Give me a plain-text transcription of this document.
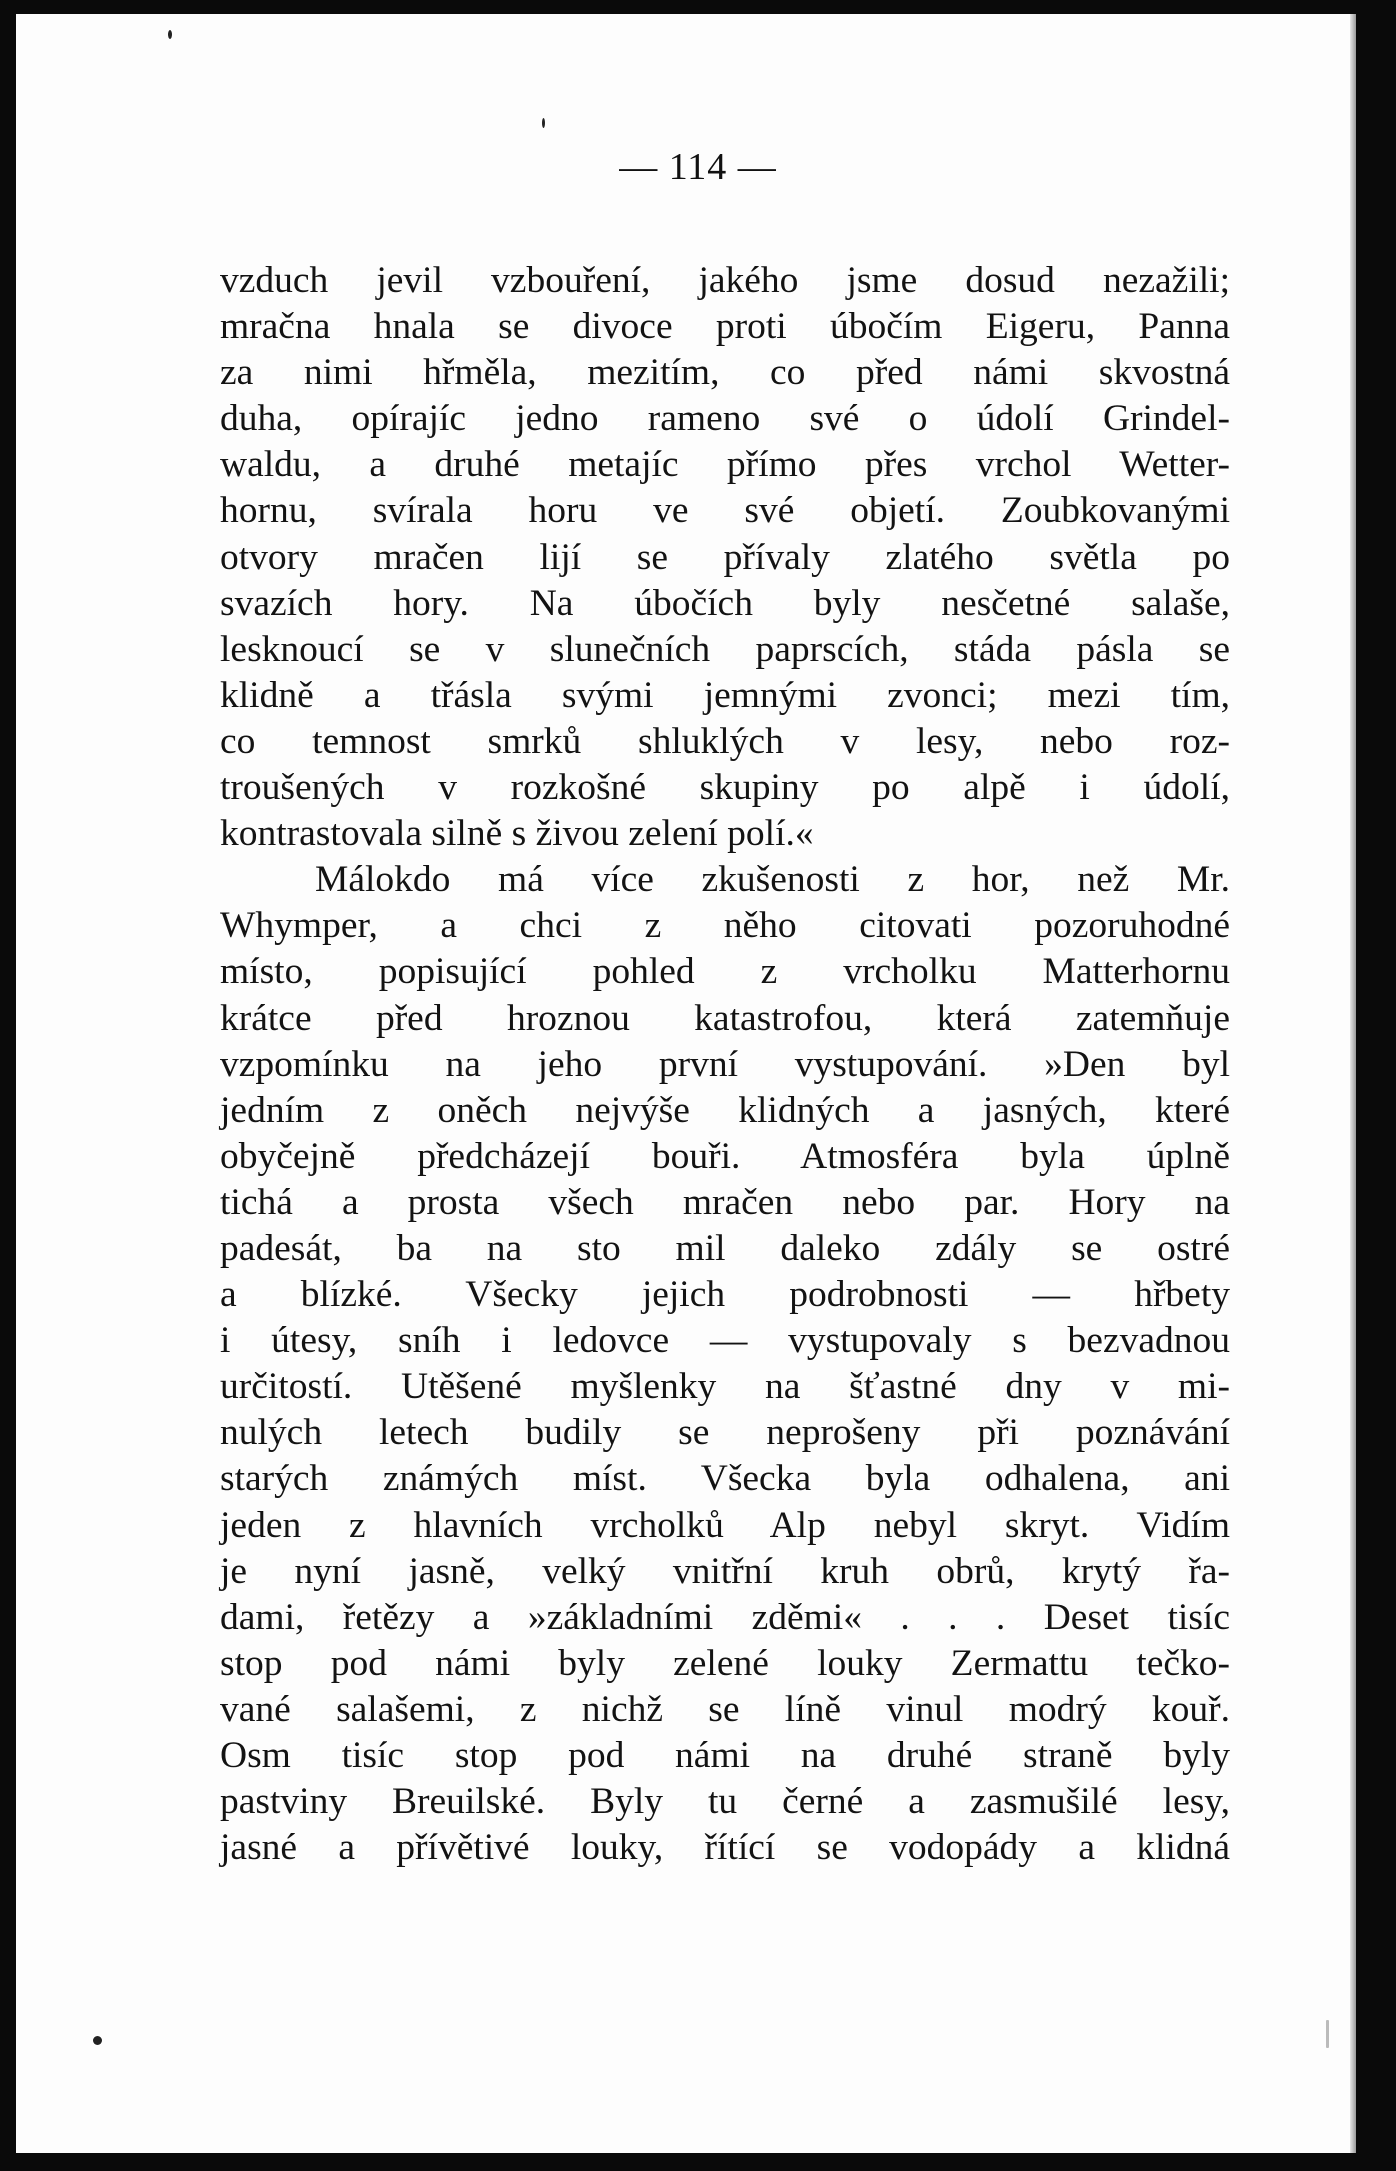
— 114 —
vzduch jevil vzbouření, jakého jsme dosud nezažili;
mračna hnala se divoce proti úbočím Eigeru, Panna
za nimi hřměla, mezitím, co před námi skvostná
duha, opírajíc jedno rameno své o údolí Grindel-
waldu, a druhé metajíc přímo přes vrchol Wetter-
hornu, svírala horu ve své objetí. Zoubkovanými
otvory mračen lijí se přívaly zlatého světla po
svazích hory. Na úbočích byly nesčetné salaše,
lesknoucí se v slunečních paprscích, stáda pásla se
klidně a třásla svými jemnými zvonci; mezi tím,
co temnost smrků shluklých v lesy, nebo roz-
troušených v rozkošné skupiny po alpě i údolí,
kontrastovala silně s živou zelení polí.«
Málokdo má více zkušenosti z hor, než Mr.
Whymper, a chci z něho citovati pozoruhodné
místo, popisující pohled z vrcholku Matterhornu
krátce před hroznou katastrofou, která zatemňuje
vzpomínku na jeho první vystupování. »Den byl
jedním z oněch nejvýše klidných a jasných, které
obyčejně předcházejí bouři. Atmosféra byla úplně
tichá a prosta všech mračen nebo par. Hory na
padesát, ba na sto mil daleko zdály se ostré
a blízké. Všecky jejich podrobnosti — hřbety
i útesy, sníh i ledovce — vystupovaly s bezvadnou
určitostí. Utěšené myšlenky na šťastné dny v mi-
nulých letech budily se neprošeny při poznávání
starých známých míst. Všecka byla odhalena, ani
jeden z hlavních vrcholků Alp nebyl skryt. Vidím
je nyní jasně, velký vnitřní kruh obrů, krytý řa-
dami, řetězy a »základními zděmi« . . . Deset tisíc
stop pod námi byly zelené louky Zermattu tečko-
vané salašemi, z nichž se líně vinul modrý kouř.
Osm tisíc stop pod námi na druhé straně byly
pastviny Breuilské. Byly tu černé a zasmušilé lesy,
jasné a přívětivé louky, řítící se vodopády a klidná
